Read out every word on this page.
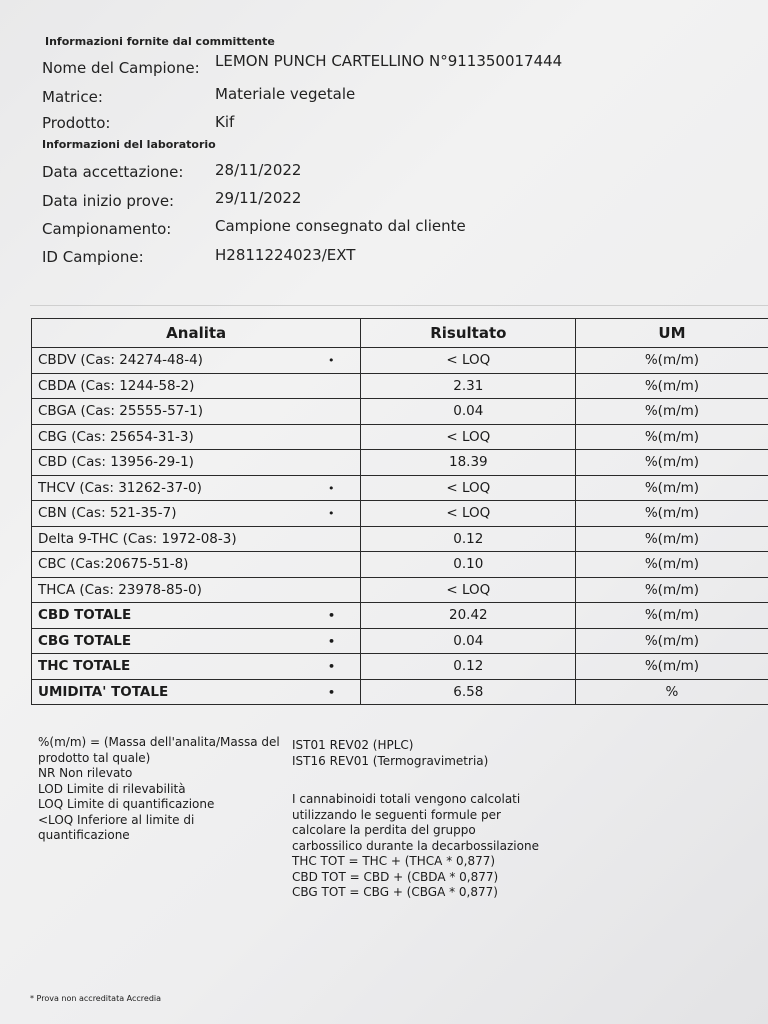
Informazioni fornite dal committente
Nome del Campione: LEMON PUNCH CARTELLINO N°911350017444
Matrice:	Materiale vegetale
Prodotto:	Kif
Informazioni del laboratorio
Data accettazione: 28/11/2022
Data inizio prove:	29/11/2022
Campionamento:	Campione consegnato dal cliente
ID Campione:	H2811224023/EXT
Analita	Risultato	UM	
CBDV (Cas: 24274-48-4) •	< LOQ	%(m/m)	
CBDA (Cas: 1244-58-2)	2.31	%(m/m)	
CBGA (Cas: 25555-57-1)	0.04	%(m/m)	
CBG (Cas: 25654-31-3)	< LOQ	%(m/m)	
CBD (Cas: 13956-29-1)	18.39	%(m/m)	
THCV (Cas: 31262-37-0) •	< LOQ	%(m/m)	
CBN (Cas: 521-35-7) •	< LOQ	%(m/m)	
Delta 9-THC (Cas: 1972-08-3)	0.12	%(m/m)	
CBC (Cas:20675-51-8)	0.10	%(m/m)	
THCA (Cas: 23978-85-0)	< LOQ	%(m/m)	
CBD TOTALE •	20.42	%(m/m)	
CBG TOTALE •	0.04	%(m/m)	
THC TOTALE •	0.12	%(m/m)	
UMIDITA' TOTALE •	6.58	%	
%(m/m) = (Massa dell'analita/Massa del prodotto tal quale)
NR Non rilevato
LOD Limite di rilevabilità
LOQ Limite di quantificazione
<LOQ Inferiore al limite di quantificazione
IST01 REV02 (HPLC)
IST16 REV01 (Termogravimetria)
I cannabinoidi totali vengono calcolati utilizzando le seguenti formule per calcolare la perdita del gruppo carbossilico durante la decarbossilazione
THC TOT = THC + (THCA * 0,877)
CBD TOT = CBD + (CBDA * 0,877)
CBG TOT = CBG + (CBGA * 0,877)
* Prova non accreditata Accredia
